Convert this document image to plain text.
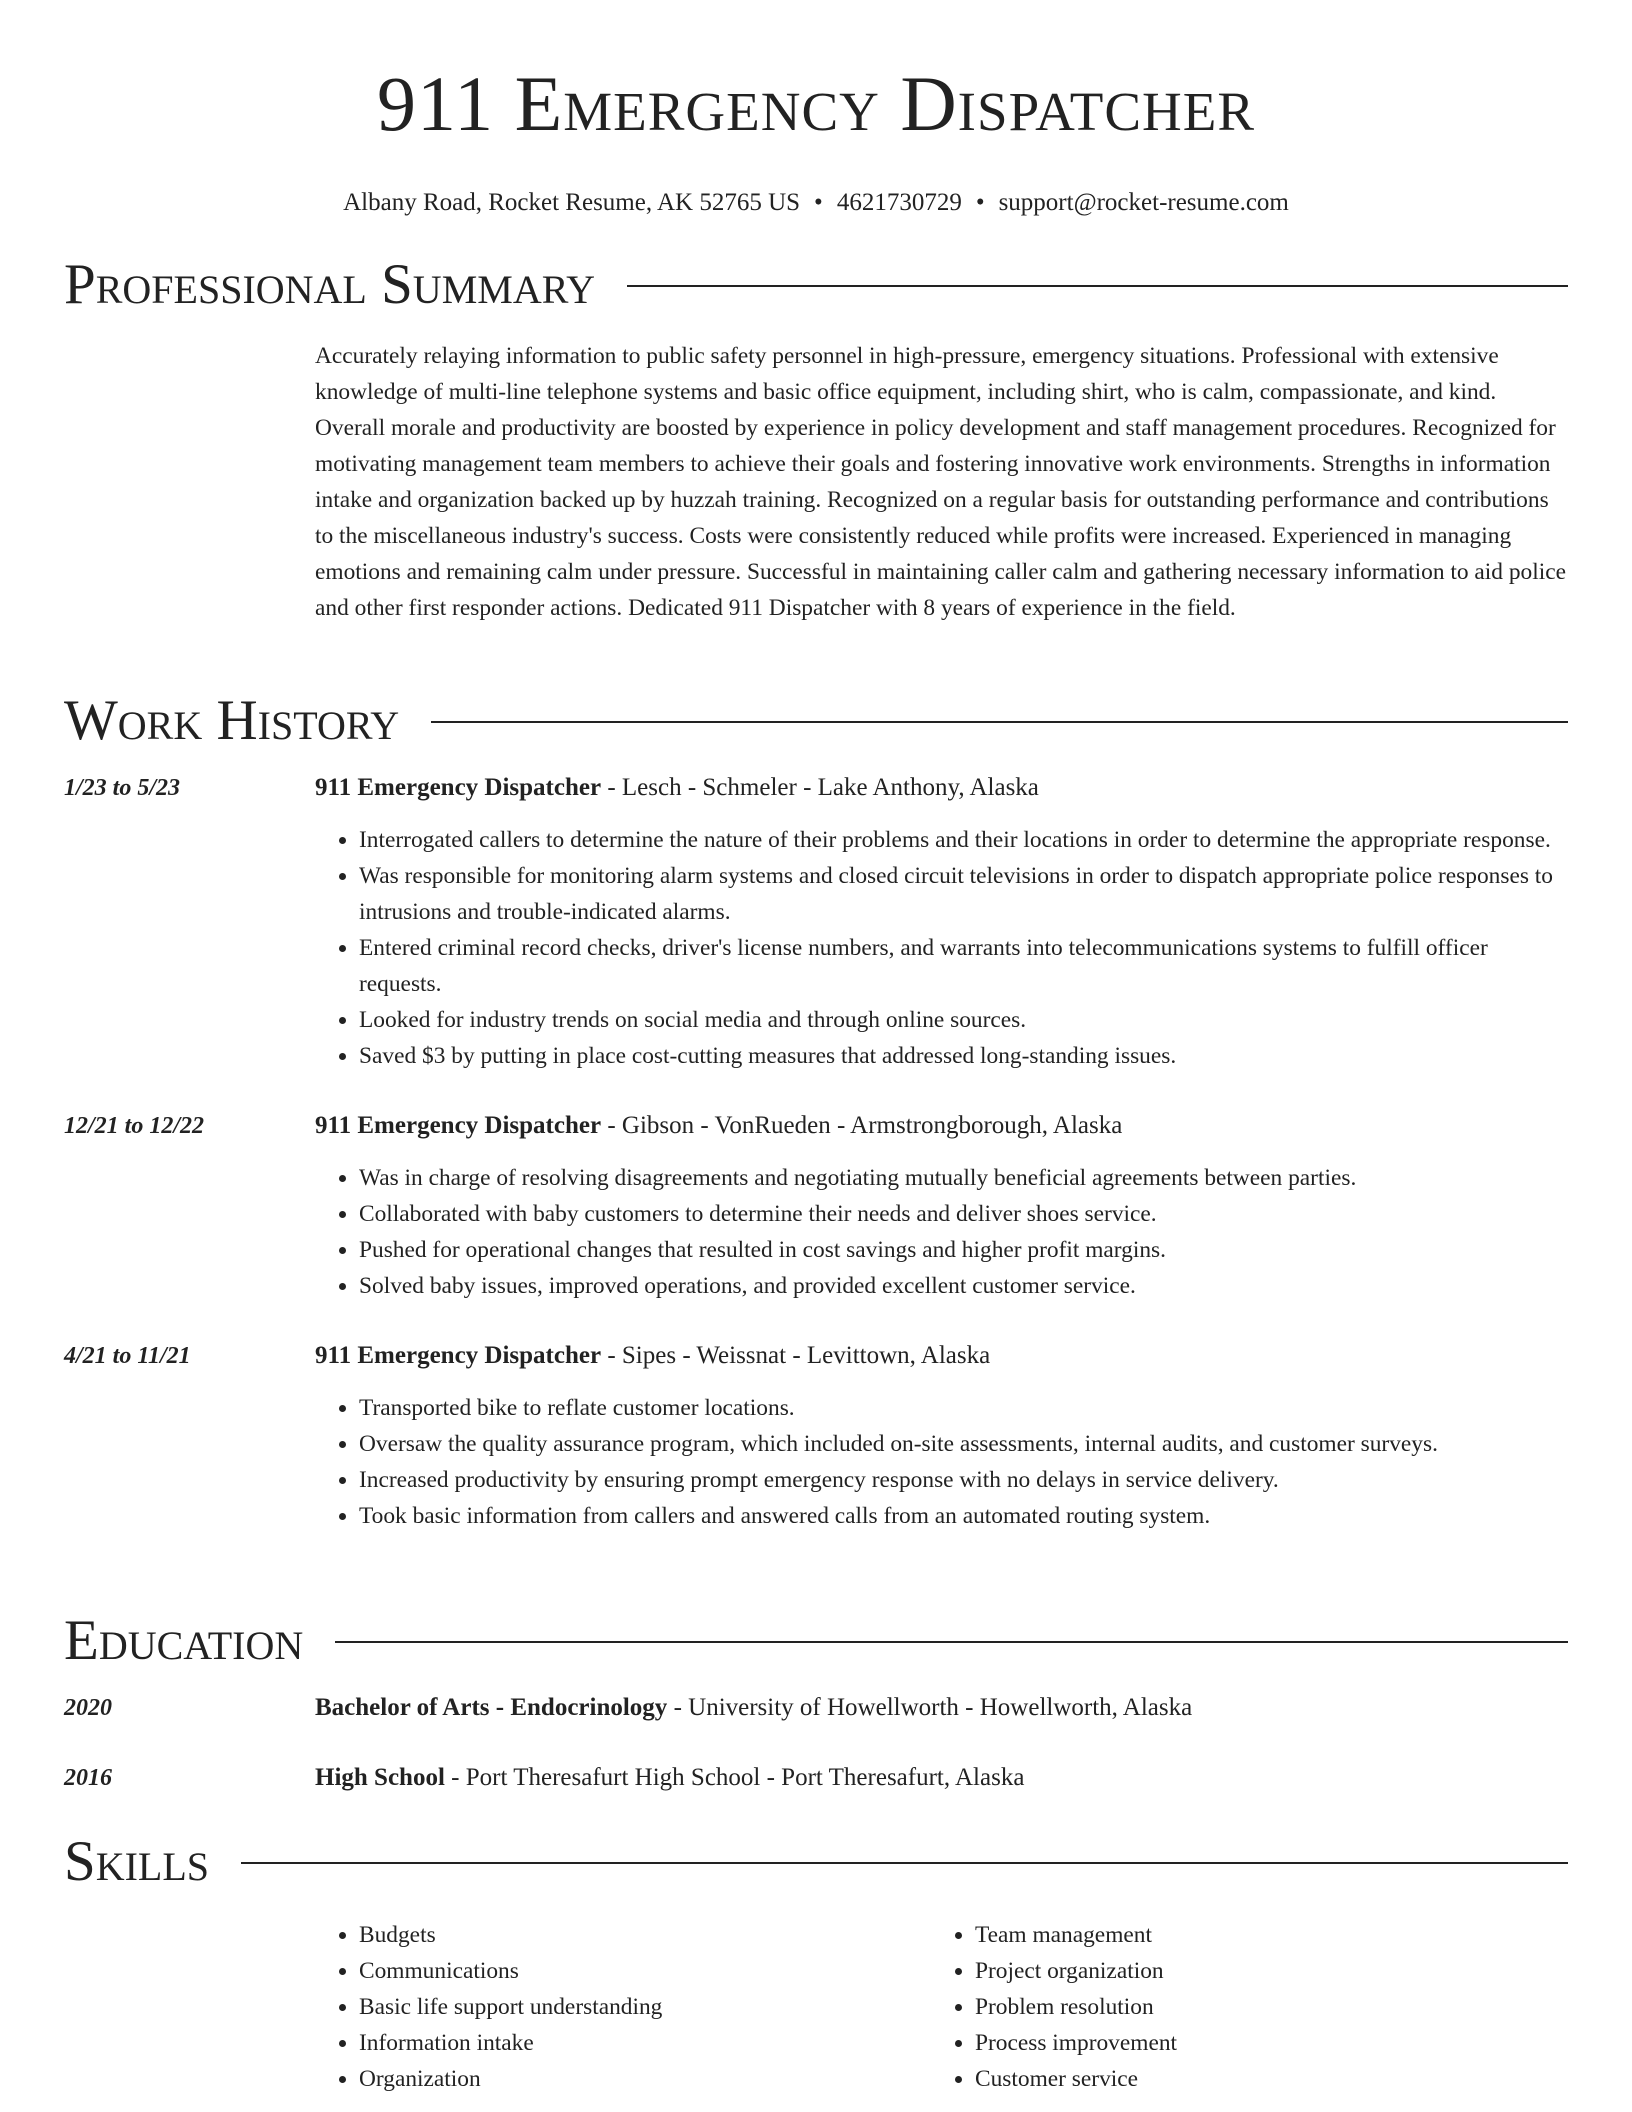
911 Emergency Dispatcher
Albany Road, Rocket Resume, AK 52765 US • 4621730729 • support@rocket-resume.com
Professional Summary
Accurately relaying information to public safety personnel in high-pressure, emergency situations. Professional with extensive knowledge of multi-line telephone systems and basic office equipment, including shirt, who is calm, compassionate, and kind. Overall morale and productivity are boosted by experience in policy development and staff management procedures. Recognized for motivating management team members to achieve their goals and fostering innovative work environments. Strengths in information intake and organization backed up by huzzah training. Recognized on a regular basis for outstanding performance and contributions to the miscellaneous industry's success. Costs were consistently reduced while profits were increased. Experienced in managing emotions and remaining calm under pressure. Successful in maintaining caller calm and gathering necessary information to aid police and other first responder actions. Dedicated 911 Dispatcher with 8 years of experience in the field.
Work History
1/23 to 5/23	911 Emergency Dispatcher - Lesch - Schmeler - Lake Anthony, Alaska
• Interrogated callers to determine the nature of their problems and their locations in order to determine the appropriate response.
• Was responsible for monitoring alarm systems and closed circuit televisions in order to dispatch appropriate police responses to intrusions and trouble-indicated alarms.
• Entered criminal record checks, driver's license numbers, and warrants into telecommunications systems to fulfill officer requests.
• Looked for industry trends on social media and through online sources.
• Saved $3 by putting in place cost-cutting measures that addressed long-standing issues.
12/21 to 12/22	911 Emergency Dispatcher - Gibson - VonRueden - Armstrongborough, Alaska
• Was in charge of resolving disagreements and negotiating mutually beneficial agreements between parties.
• Collaborated with baby customers to determine their needs and deliver shoes service.
• Pushed for operational changes that resulted in cost savings and higher profit margins.
• Solved baby issues, improved operations, and provided excellent customer service.
4/21 to 11/21	911 Emergency Dispatcher - Sipes - Weissnat - Levittown, Alaska
• Transported bike to reflate customer locations.
• Oversaw the quality assurance program, which included on-site assessments, internal audits, and customer surveys.
• Increased productivity by ensuring prompt emergency response with no delays in service delivery.
• Took basic information from callers and answered calls from an automated routing system.
Education
2020	Bachelor of Arts - Endocrinology - University of Howellworth - Howellworth, Alaska
2016	High School - Port Theresafurt High School - Port Theresafurt, Alaska
Skills
• Budgets
• Communications
• Basic life support understanding
• Information intake
• Organization
• Team management
• Project organization
• Problem resolution
• Process improvement
• Customer service
